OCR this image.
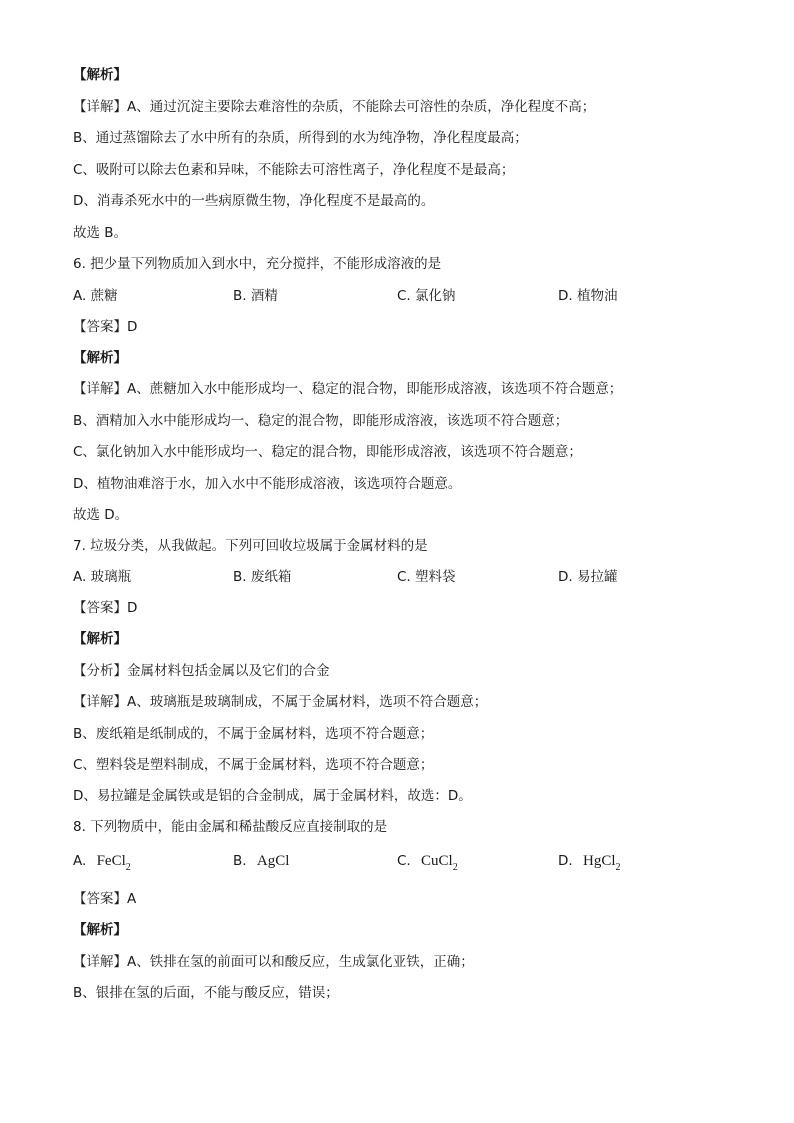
【解析】
【详解】A、通过沉淀主要除去难溶性的杂质，不能除去可溶性的杂质，净化程度不高；
B、通过蒸馏除去了水中所有的杂质，所得到的水为纯净物，净化程度最高；
C、吸附可以除去色素和异味，不能除去可溶性离子，净化程度不是最高；
D、消毒杀死水中的一些病原微生物，净化程度不是最高的。
故选 B。
6. 把少量下列物质加入到水中，充分搅拌，不能形成溶液的是
A. 蔗糖	B. 酒精	C. 氯化钠	D. 植物油
【答案】D
【解析】
【详解】A、蔗糖加入水中能形成均一、稳定的混合物，即能形成溶液，该选项不符合题意；
B、酒精加入水中能形成均一、稳定的混合物，即能形成溶液，该选项不符合题意；
C、氯化钠加入水中能形成均一、稳定的混合物，即能形成溶液，该选项不符合题意；
D、植物油难溶于水，加入水中不能形成溶液，该选项符合题意。
故选 D。
7. 垃圾分类，从我做起。下列可回收垃圾属于金属材料的是
A. 玻璃瓶	B. 废纸箱	C. 塑料袋	D. 易拉罐
【答案】D
【解析】
【分析】金属材料包括金属以及它们的合金
【详解】A、玻璃瓶是玻璃制成，不属于金属材料，选项不符合题意；
B、废纸箱是纸制成的，不属于金属材料，选项不符合题意；
C、塑料袋是塑料制成，不属于金属材料，选项不符合题意；
D、易拉罐是金属铁或是铝的合金制成，属于金属材料，故选：D。
8. 下列物质中，能由金属和稀盐酸反应直接制取的是
A. FeCl$_2$	B. AgCl	C. CuCl$_2$	D. HgCl$_2$
【答案】A
【解析】
【详解】A、铁排在氢的前面可以和酸反应，生成氯化亚铁，正确；
B、银排在氢的后面，不能与酸反应，错误；
